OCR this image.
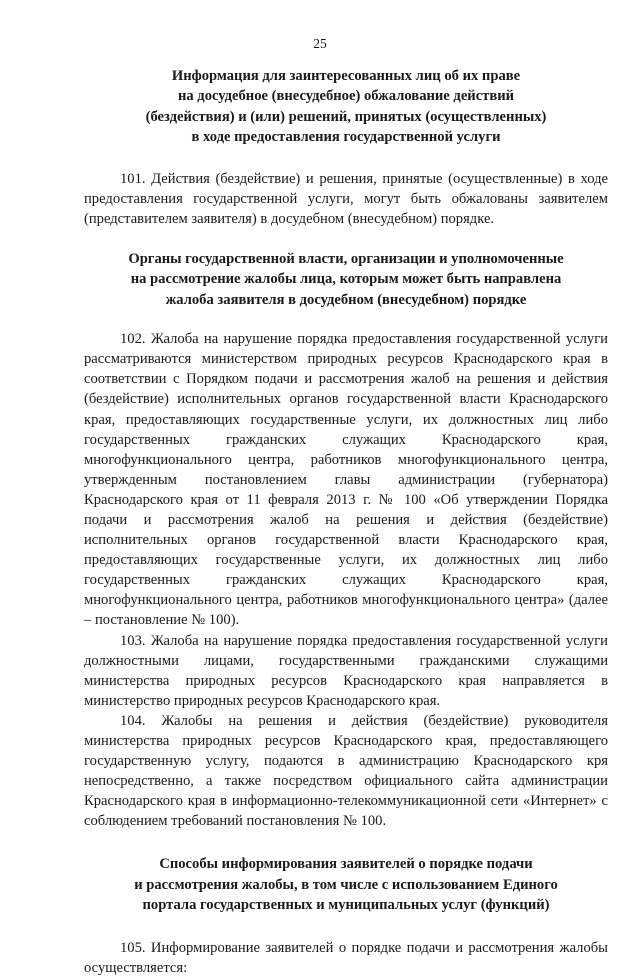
25
Информация для заинтересованных лиц об их праве
на досудебное (внесудебное) обжалование действий
(бездействия) и (или) решений, принятых (осуществленных)
в ходе предоставления государственной услуги

101. Действия (бездействие) и решения, принятые (осуществленные) в ходе предоставления государственной услуги, могут быть обжалованы заявителем (представителем заявителя) в досудебном (внесудебном) порядке.

Органы государственной власти, организации и уполномоченные
на рассмотрение жалобы лица, которым может быть направлена
жалоба заявителя в досудебном (внесудебном) порядке

102. Жалоба на нарушение порядка предоставления государственной услуги рассматриваются министерством природных ресурсов Краснодарского края в соответствии с Порядком подачи и рассмотрения жалоб на решения и действия (бездействие) исполнительных органов государственной власти Краснодарского края, предоставляющих государственные услуги, их должностных лиц либо государственных гражданских служащих Краснодарского края, многофункционального центра, работников многофункционального центра, утвержденным постановлением главы администрации (губернатора) Краснодарского края от 11 февраля 2013 г. № 100 «Об утверждении Порядка подачи и рассмотрения жалоб на решения и действия (бездействие) исполнительных органов государственной власти Краснодарского края, предоставляющих государственные услуги, их должностных лиц либо государственных гражданских служащих Краснодарского края, многофункционального центра, работников многофункционального центра» (далее – постановление № 100).

103. Жалоба на нарушение порядка предоставления государственной услуги должностными лицами, государственными гражданскими служащими министерства природных ресурсов Краснодарского края направляется в министерство природных ресурсов Краснодарского края.

104. Жалобы на решения и действия (бездействие) руководителя министерства природных ресурсов Краснодарского края, предоставляющего государственную услугу, подаются в администрацию Краснодарского кря непосредственно, а также посредством официального сайта администрации Краснодарского края в информационно-телекоммуникационной сети «Интернет» с соблюдением требований постановления № 100.

Способы информирования заявителей о порядке подачи
и рассмотрения жалобы, в том числе с использованием Единого
портала государственных и муниципальных услуг (функций)

105. Информирование заявителей о порядке подачи и рассмотрения жалобы осуществляется:
